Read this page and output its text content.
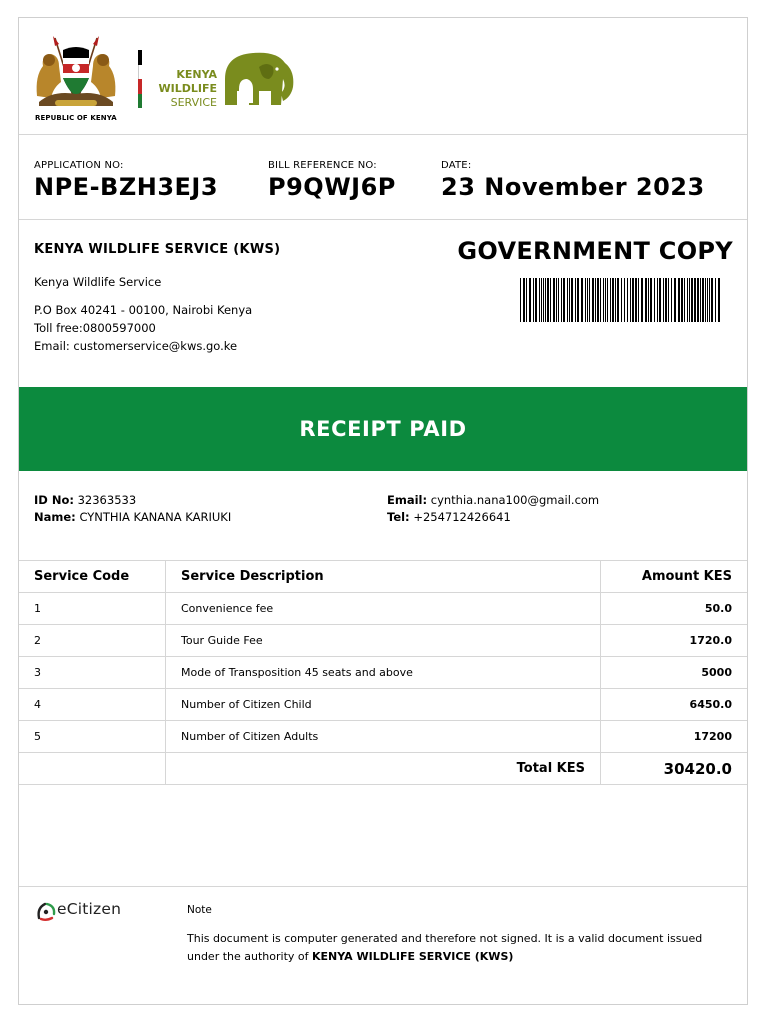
REPUBLIC OF KENYA
KENYA
WILDLIFE
SERVICE
APPLICATION NO:
NPE-BZH3EJ3
BILL REFERENCE NO:
P9QWJ6P
DATE:
23 November 2023
KENYA WILDLIFE SERVICE (KWS)
Kenya Wildlife Service
P.O Box 40241 - 00100, Nairobi Kenya
Toll free:0800597000
Email: customerservice@kws.go.ke
GOVERNMENT COPY
RECEIPT PAID
ID No: 32363533
Name: CYNTHIA KANANA KARIUKI
Email: cynthia.nana100@gmail.com
Tel: +254712426641
Service Code	Service Description	Amount KES
1	Convenience fee	50.0
2	Tour Guide Fee	1720.0
3	Mode of Transposition 45 seats and above	5000
4	Number of Citizen Child	6450.0
5	Number of Citizen Adults	17200
	Total KES	30420.0
eCitizen	Note
This document is computer generated and therefore not signed. It is a valid document issued under the authority of KENYA WILDLIFE SERVICE (KWS)
